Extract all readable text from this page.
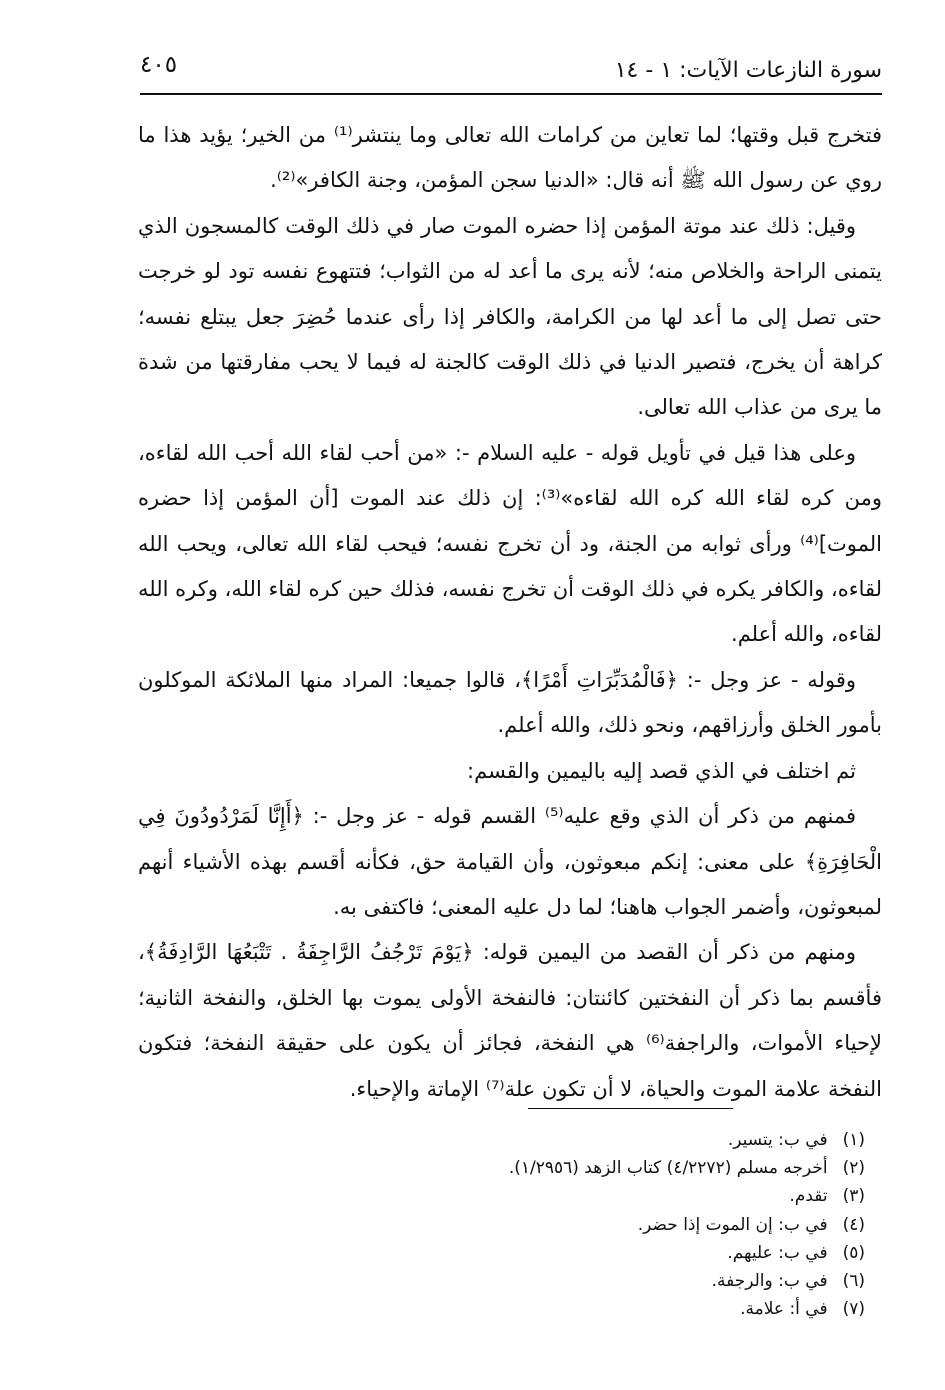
سورة النازعات الآيات: ١ - ١٤
٤٠٥

فتخرج قبل وقتها؛ لما تعاين من كرامات الله تعالى وما ينتشر⁽¹⁾ من الخير؛ يؤيد هذا ما روي عن رسول الله ﷺ أنه قال: «الدنيا سجن المؤمن، وجنة الكافر»⁽²⁾.

وقيل: ذلك عند موتة المؤمن إذا حضره الموت صار في ذلك الوقت كالمسجون الذي يتمنى الراحة والخلاص منه؛ لأنه يرى ما أعد له من الثواب؛ فتتهوع نفسه تود لو خرجت حتى تصل إلى ما أعد لها من الكرامة، والكافر إذا رأى عندما حُضِرَ جعل يبتلع نفسه؛ كراهة أن يخرج، فتصير الدنيا في ذلك الوقت كالجنة له فيما لا يحب مفارقتها من شدة ما يرى من عذاب الله تعالى.

وعلى هذا قيل في تأويل قوله - عليه السلام -: «من أحب لقاء الله أحب الله لقاءه، ومن كره لقاء الله كره الله لقاءه»⁽³⁾: إن ذلك عند الموت [أن المؤمن إذا حضره الموت]⁽⁴⁾ ورأى ثوابه من الجنة، ود أن تخرج نفسه؛ فيحب لقاء الله تعالى، ويحب الله لقاءه، والكافر يكره في ذلك الوقت أن تخرج نفسه، فذلك حين كره لقاء الله، وكره الله لقاءه، والله أعلم.

وقوله - عز وجل -: ﴿فَالْمُدَبِّرَاتِ أَمْرًا﴾، قالوا جميعا: المراد منها الملائكة الموكلون بأمور الخلق وأرزاقهم، ونحو ذلك، والله أعلم.

ثم اختلف في الذي قصد إليه باليمين والقسم:

فمنهم من ذكر أن الذي وقع عليه⁽⁵⁾ القسم قوله - عز وجل -: ﴿أَإِنَّا لَمَرْدُودُونَ فِي الْحَافِرَةِ﴾ على معنى: إنكم مبعوثون، وأن القيامة حق، فكأنه أقسم بهذه الأشياء أنهم لمبعوثون، وأضمر الجواب هاهنا؛ لما دل عليه المعنى؛ فاكتفى به.

ومنهم من ذكر أن القصد من اليمين قوله: ﴿يَوْمَ تَرْجُفُ الرَّاجِفَةُ . تَتْبَعُهَا الرَّادِفَةُ﴾، فأقسم بما ذكر أن النفختين كائنتان: فالنفخة الأولى يموت بها الخلق، والنفخة الثانية؛ لإحياء الأموات، والراجفة⁽⁶⁾ هي النفخة، فجائز أن يكون على حقيقة النفخة؛ فتكون النفخة علامة الموت والحياة، لا أن تكون علة⁽⁷⁾ الإماتة والإحياء.

(١) في ب: يتسير.
(٢) أخرجه مسلم (٤/٢٢٧٢) كتاب الزهد (١/٢٩٥٦).
(٣) تقدم.
(٤) في ب: إن الموت إذا حضر.
(٥) في ب: عليهم.
(٦) في ب: والرجفة.
(٧) في أ: علامة.
